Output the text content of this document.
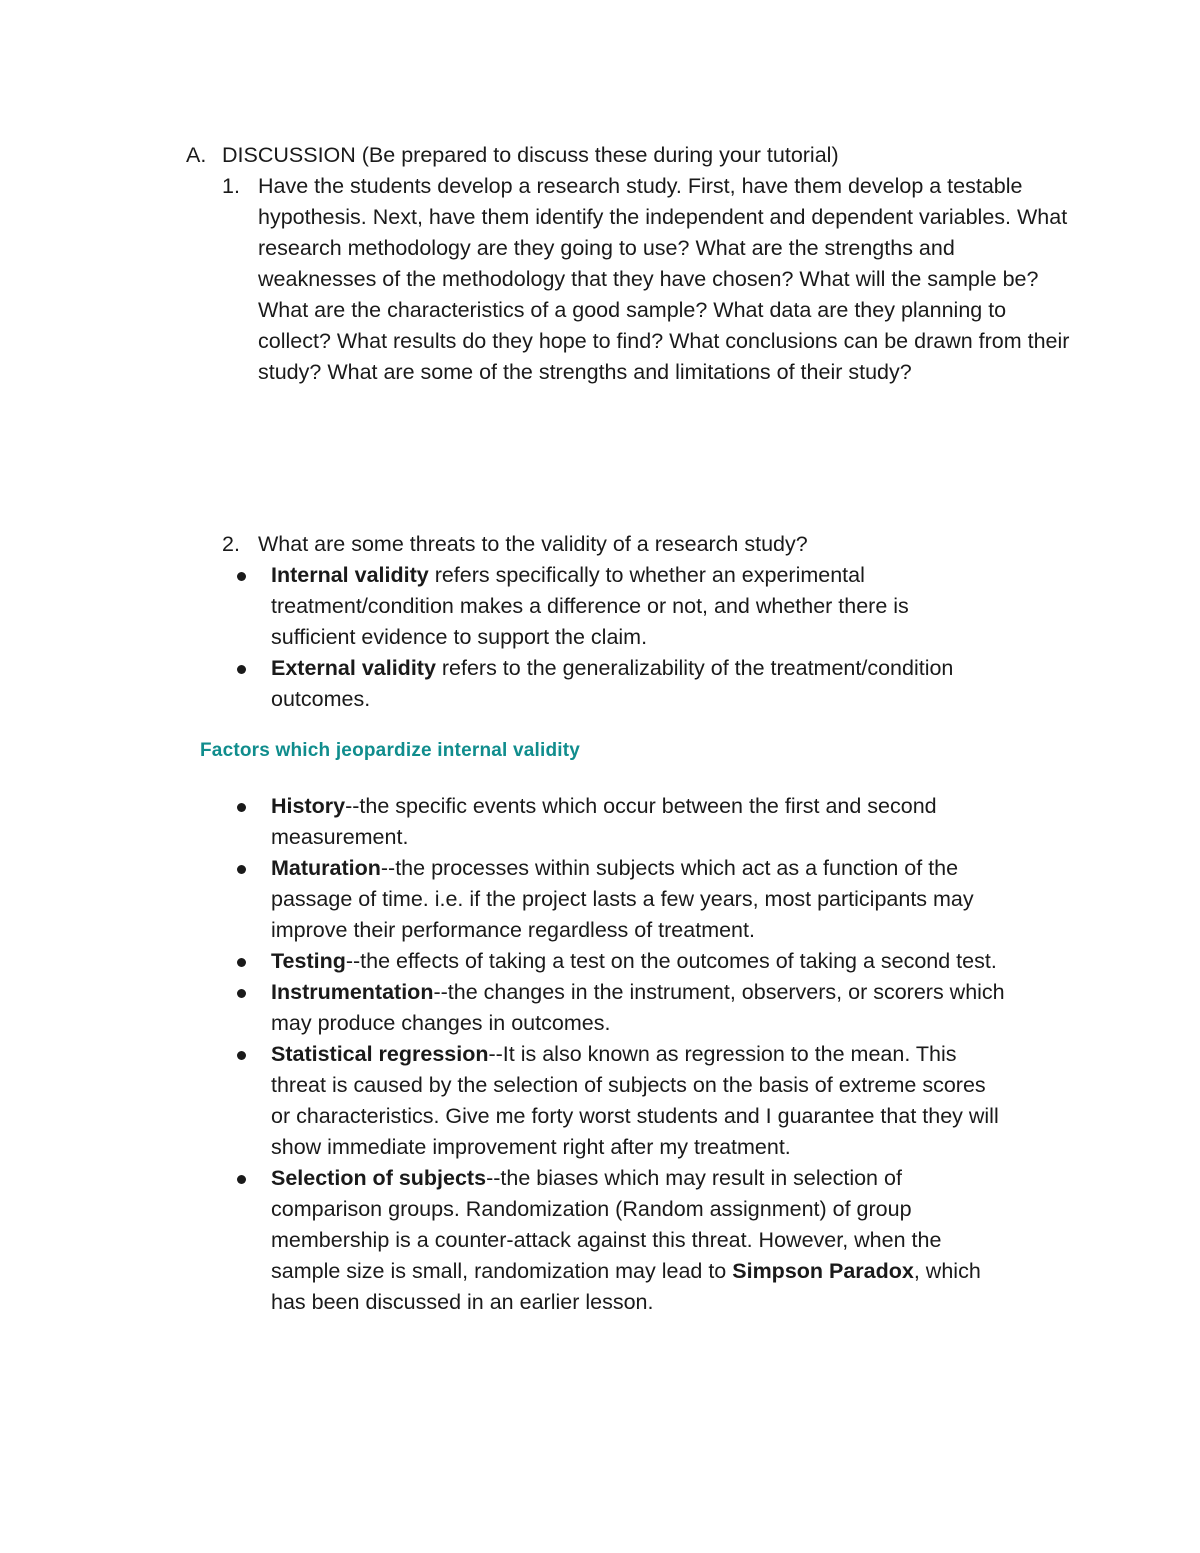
A. DISCUSSION (Be prepared to discuss these during your tutorial)
1. Have the students develop a research study. First, have them develop a testable hypothesis. Next, have them identify the independent and dependent variables. What research methodology are they going to use? What are the strengths and weaknesses of the methodology that they have chosen? What will the sample be? What are the characteristics of a good sample? What data are they planning to collect? What results do they hope to find? What conclusions can be drawn from their study? What are some of the strengths and limitations of their study?

2. What are some threats to the validity of a research study?

Internal validity refers specifically to whether an experimental treatment/condition makes a difference or not, and whether there is sufficient evidence to support the claim.
External validity refers to the generalizability of the treatment/condition outcomes.
Factors which jeopardize internal validity
History--the specific events which occur between the first and second measurement.
Maturation--the processes within subjects which act as a function of the passage of time. i.e. if the project lasts a few years, most participants may improve their performance regardless of treatment.
Testing--the effects of taking a test on the outcomes of taking a second test.
Instrumentation--the changes in the instrument, observers, or scorers which may produce changes in outcomes.
Statistical regression--It is also known as regression to the mean. This threat is caused by the selection of subjects on the basis of extreme scores or characteristics. Give me forty worst students and I guarantee that they will show immediate improvement right after my treatment.
Selection of subjects--the biases which may result in selection of comparison groups. Randomization (Random assignment) of group membership is a counter-attack against this threat. However, when the sample size is small, randomization may lead to Simpson Paradox, which has been discussed in an earlier lesson.
